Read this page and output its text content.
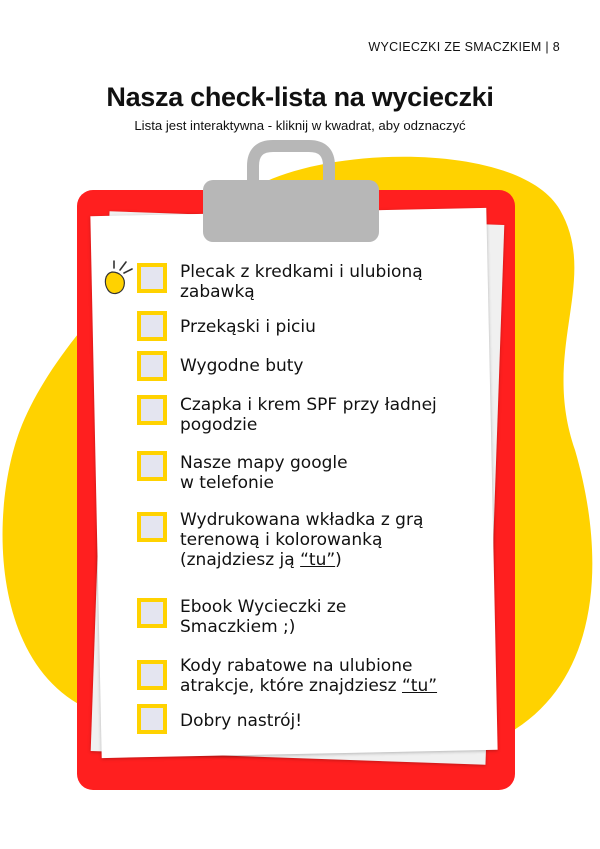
WYCIECZKI ZE SMACZKIEM | 8
Nasza check-lista na wycieczki
Lista jest interaktywna - kliknij w kwadrat, aby odznaczyć
Plecak z kredkami i ulubioną
zabawką
Przekąski i piciu
Wygodne buty
Czapka i krem SPF przy ładnej
pogodzie
Nasze mapy google
w telefonie
Wydrukowana wkładka z grą
terenową i kolorowanką
(znajdziesz ją “tu”)
Ebook Wycieczki ze
Smaczkiem ;)
Kody rabatowe na ulubione
atrakcje, które znajdziesz “tu”
Dobry nastrój!
